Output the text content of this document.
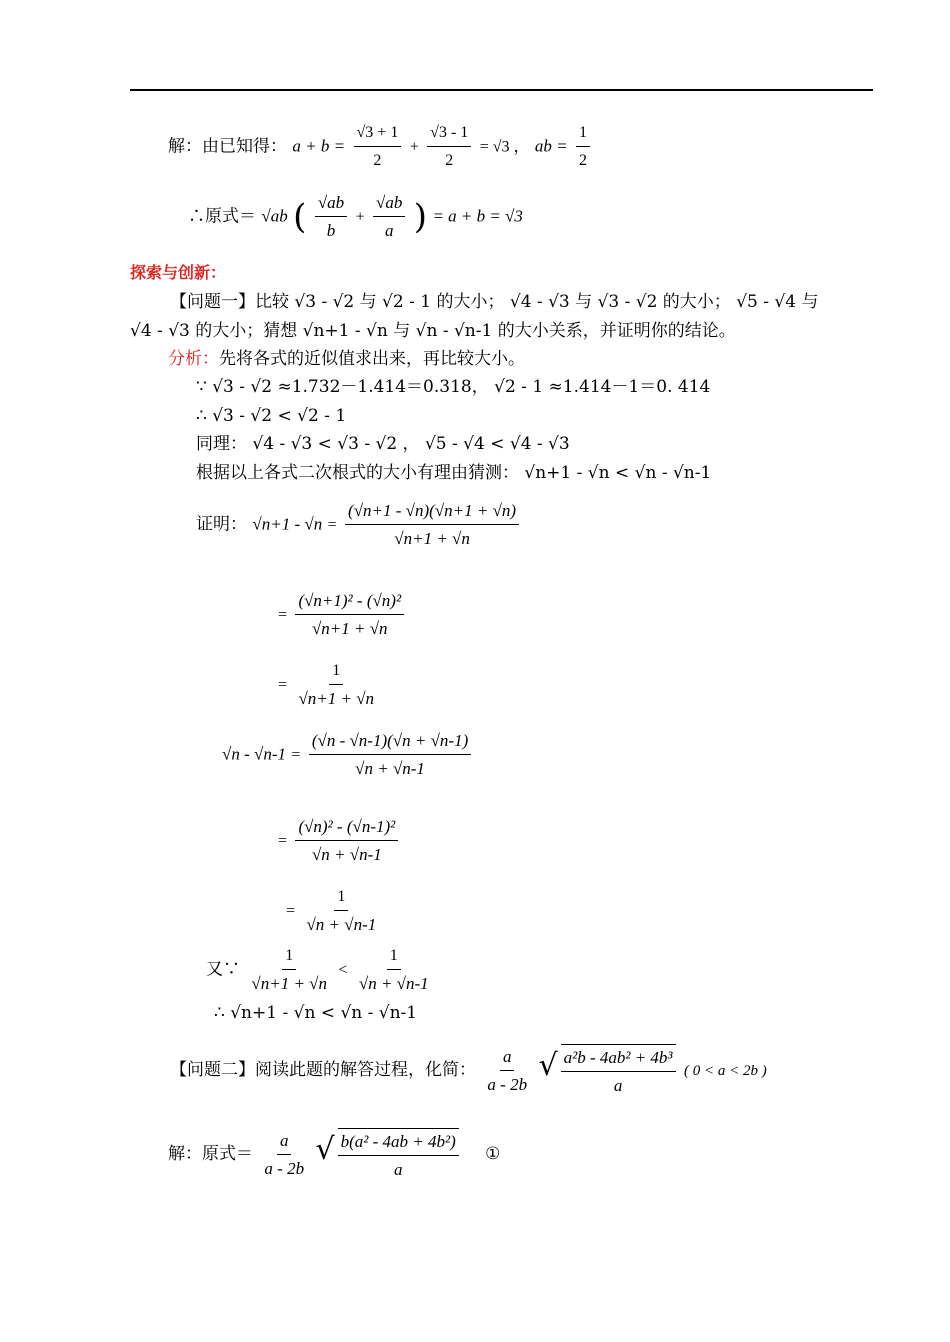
解：由已知得： $a + b = \frac{√3 + 1}{2} + \frac{√3 - 1}{2} = √3$ ， ab = $\frac{1}{2}$
∴原式＝ √ab ( $\frac{√ab}{b} + \frac{√ab}{a}$ ) = a + b = √3
探索与创新：
【问题一】比较 √3 - √2 与 √2 - 1 的大小； √4 - √3 与 √3 - √2 的大小； √5 - √4 与
√4 - √3 的大小；猜想 √n+1 - √n 与 √n - √n-1 的大小关系，并证明你的结论。
分析：先将各式的近似值求出来，再比较大小。
∵ √3 - √2 ≈1.732－1.414＝0.318， √2 - 1 ≈1.414－1＝0. 414
∴ √3 - √2 < √2 - 1
同理： √4 - √3 < √3 - √2 ， √5 - √4 < √4 - √3
根据以上各式二次根式的大小有理由猜测： √n+1 - √n < √n - √n-1
证明： $√n+1 - √n = \frac{(√n+1 - √n)(√n+1 + √n)}{√n+1 + √n}$
= $\frac{\text{(√n+1)² - (√n)²}}{√n+1 + √n}$
= $\frac{1}{√n+1 + √n}$
$√n - √n-1 = \frac{(√n - √n-1)(√n + √n-1)}{√n + √n-1}$
= $\frac{\text{(√n)² - (√n-1)²}}{√n + √n-1}$
= $\frac{1}{√n + √n-1}$
又∵ $\frac{1}{√n+1 + √n} < \frac{1}{√n + √n-1}$
∴ √n+1 - √n < √n - √n-1
【问题二】阅读此题的解答过程，化简： $\frac{a}{a - 2b}$
√ $\frac{\text{a²b - 4ab² + 4b³}}{a}$ ( 0 < a < 2b )
解：原式＝ $\frac{a}{a - 2b}$
√ $\frac{\text{b(a² - 4ab + 4b²)}}{a}$ ①
